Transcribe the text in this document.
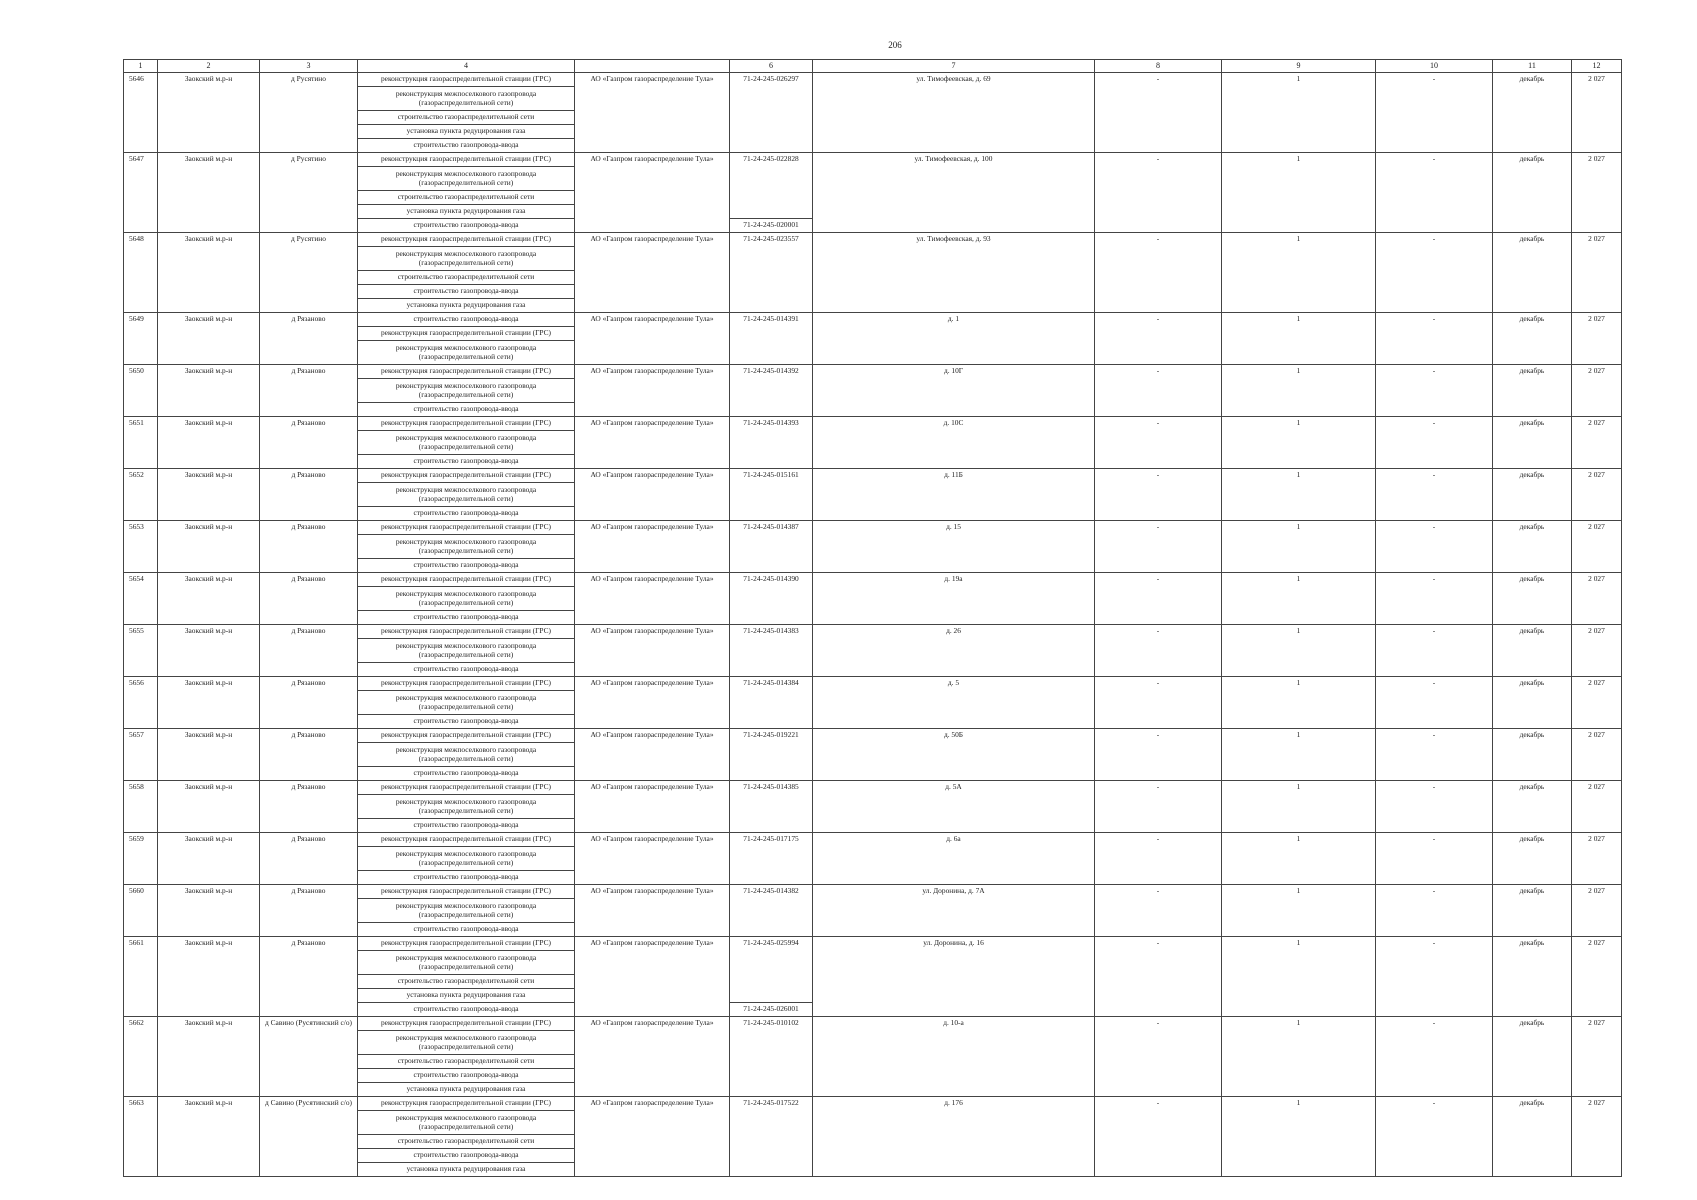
206
1	2	3	4		6	7	8	9	10	11	12
5646	Заокский м.р-н	д Русятино	реконструкция газораспределительной станции (ГРС)	АО «Газпром газораспределение Тула»	71-24-245-026297	ул. Тимофеевская, д. 69	-	1	-	декабрь	2 027
			реконструкция межпоселкового газопровода (газораспределительной сети)								
			строительство газораспределительной сети								
			установка пункта редуцирования газа								
			строительство газопровода-ввода								
5647	Заокский м.р-н	д Русятино	реконструкция газораспределительной станции (ГРС)	АО «Газпром газораспределение Тула»	71-24-245-022828	ул. Тимофеевская, д. 100	-	1	-	декабрь	2 027
			реконструкция межпоселкового газопровода (газораспределительной сети)								
			строительство газораспределительной сети								
			установка пункта редуцирования газа								
			строительство газопровода-ввода		71-24-245-020001						
5648	Заокский м.р-н	д Русятино	реконструкция газораспределительной станции (ГРС)	АО «Газпром газораспределение Тула»	71-24-245-023557	ул. Тимофеевская, д. 93	-	1	-	декабрь	2 027
			реконструкция межпоселкового газопровода (газораспределительной сети)								
			строительство газораспределительной сети								
			строительство газопровода-ввода								
			установка пункта редуцирования газа								
5649	Заокский м.р-н	д Рязаново	строительство газопровода-ввода	АО «Газпром газораспределение Тула»	71-24-245-014391	д. 1	-	1	-	декабрь	2 027
			реконструкция газораспределительной станции (ГРС)								
			реконструкция межпоселкового газопровода (газораспределительной сети)								
5650	Заокский м.р-н	д Рязаново	реконструкция газораспределительной станции (ГРС)	АО «Газпром газораспределение Тула»	71-24-245-014392	д. 10Г	-	1	-	декабрь	2 027
			реконструкция межпоселкового газопровода (газораспределительной сети)								
			строительство газопровода-ввода								
5651	Заокский м.р-н	д Рязаново	реконструкция газораспределительной станции (ГРС)	АО «Газпром газораспределение Тула»	71-24-245-014393	д. 10С	-	1	-	декабрь	2 027
			реконструкция межпоселкового газопровода (газораспределительной сети)								
			строительство газопровода-ввода								
5652	Заокский м.р-н	д Рязаново	реконструкция газораспределительной станции (ГРС)	АО «Газпром газораспределение Тула»	71-24-245-015161	д. 11Б	-	1	-	декабрь	2 027
			реконструкция межпоселкового газопровода (газораспределительной сети)								
			строительство газопровода-ввода								
5653	Заокский м.р-н	д Рязаново	реконструкция газораспределительной станции (ГРС)	АО «Газпром газораспределение Тула»	71-24-245-014387	д. 15	-	1	-	декабрь	2 027
			реконструкция межпоселкового газопровода (газораспределительной сети)								
			строительство газопровода-ввода								
5654	Заокский м.р-н	д Рязаново	реконструкция газораспределительной станции (ГРС)	АО «Газпром газораспределение Тула»	71-24-245-014390	д. 19а	-	1	-	декабрь	2 027
			реконструкция межпоселкового газопровода (газораспределительной сети)								
			строительство газопровода-ввода								
5655	Заокский м.р-н	д Рязаново	реконструкция газораспределительной станции (ГРС)	АО «Газпром газораспределение Тула»	71-24-245-014383	д. 26	-	1	-	декабрь	2 027
			реконструкция межпоселкового газопровода (газораспределительной сети)								
			строительство газопровода-ввода								
5656	Заокский м.р-н	д Рязаново	реконструкция газораспределительной станции (ГРС)	АО «Газпром газораспределение Тула»	71-24-245-014384	д. 5	-	1	-	декабрь	2 027
			реконструкция межпоселкового газопровода (газораспределительной сети)								
			строительство газопровода-ввода								
5657	Заокский м.р-н	д Рязаново	реконструкция газораспределительной станции (ГРС)	АО «Газпром газораспределение Тула»	71-24-245-019221	д. 50Б	-	1	-	декабрь	2 027
			реконструкция межпоселкового газопровода (газораспределительной сети)								
			строительство газопровода-ввода								
5658	Заокский м.р-н	д Рязаново	реконструкция газораспределительной станции (ГРС)	АО «Газпром газораспределение Тула»	71-24-245-014385	д. 5А	-	1	-	декабрь	2 027
			реконструкция межпоселкового газопровода (газораспределительной сети)								
			строительство газопровода-ввода								
5659	Заокский м.р-н	д Рязаново	реконструкция газораспределительной станции (ГРС)	АО «Газпром газораспределение Тула»	71-24-245-017175	д. 6а	-	1	-	декабрь	2 027
			реконструкция межпоселкового газопровода (газораспределительной сети)								
			строительство газопровода-ввода								
5660	Заокский м.р-н	д Рязаново	реконструкция газораспределительной станции (ГРС)	АО «Газпром газораспределение Тула»	71-24-245-014382	ул. Доронина, д. 7А	-	1	-	декабрь	2 027
			реконструкция межпоселкового газопровода (газораспределительной сети)								
			строительство газопровода-ввода								
5661	Заокский м.р-н	д Рязаново	реконструкция газораспределительной станции (ГРС)	АО «Газпром газораспределение Тула»	71-24-245-025994	ул. Доронина, д. 16	-	1	-	декабрь	2 027
			реконструкция межпоселкового газопровода (газораспределительной сети)								
			строительство газораспределительной сети								
			установка пункта редуцирования газа								
			строительство газопровода-ввода		71-24-245-026001						
5662	Заокский м.р-н	д Савино (Русятинский с/о)	реконструкция газораспределительной станции (ГРС)	АО «Газпром газораспределение Тула»	71-24-245-010102	д. 10-а	-	1	-	декабрь	2 027
			реконструкция межпоселкового газопровода (газораспределительной сети)								
			строительство газораспределительной сети								
			строительство газопровода-ввода								
			установка пункта редуцирования газа								
5663	Заокский м.р-н	д Савино (Русятинский с/о)	реконструкция газораспределительной станции (ГРС)	АО «Газпром газораспределение Тула»	71-24-245-017522	д. 176	-	1	-	декабрь	2 027
			реконструкция межпоселкового газопровода (газораспределительной сети)								
			строительство газораспределительной сети								
			строительство газопровода-ввода								
			установка пункта редуцирования газа								
